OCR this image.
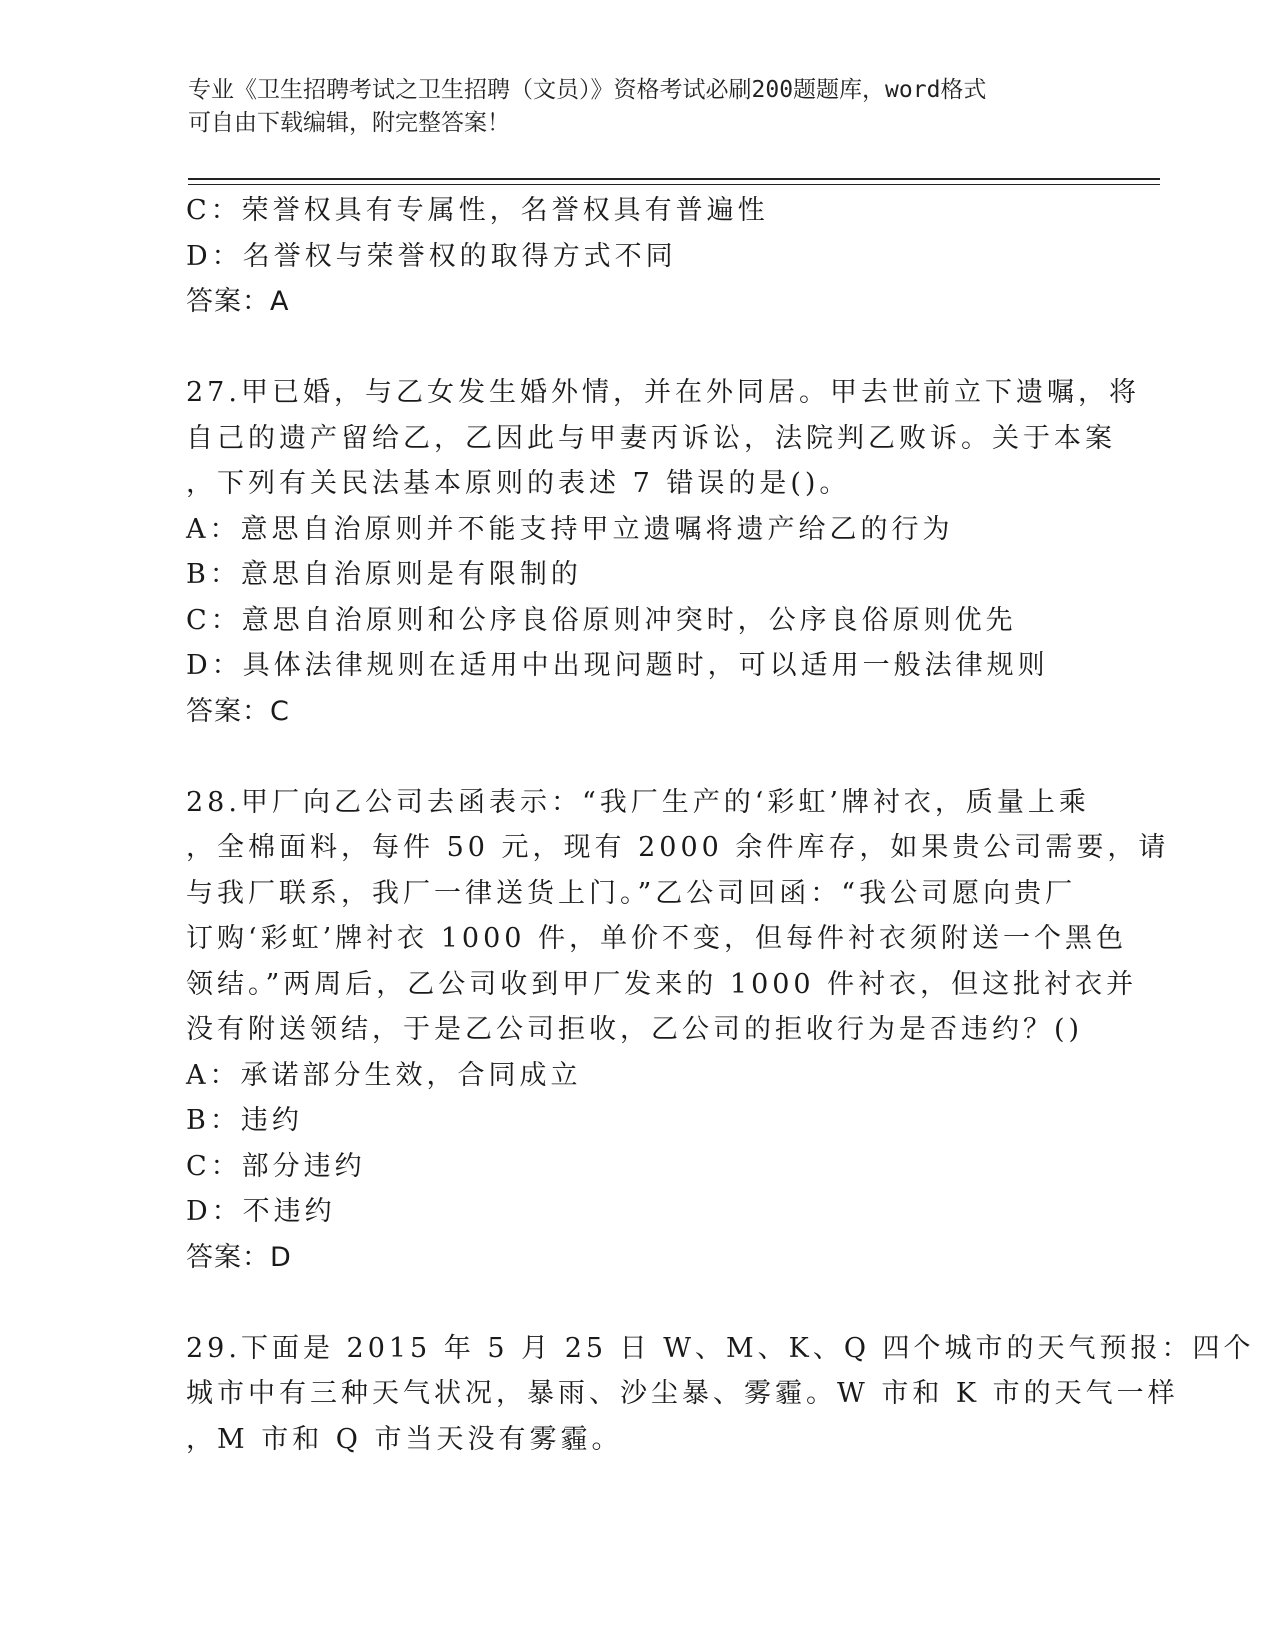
专业《卫生招聘考试之卫生招聘（文员）》资格考试必刷200题题库，word格式
可自由下载编辑，附完整答案！
C：荣誉权具有专属性，名誉权具有普遍性
D：名誉权与荣誉权的取得方式不同
答案：A
27.甲已婚，与乙女发生婚外情，并在外同居。甲去世前立下遗嘱，将
自己的遗产留给乙，乙因此与甲妻丙诉讼，法院判乙败诉。关于本案
，下列有关民法基本原则的表述 7 错误的是()。
A：意思自治原则并不能支持甲立遗嘱将遗产给乙的行为
B：意思自治原则是有限制的
C：意思自治原则和公序良俗原则冲突时，公序良俗原则优先
D：具体法律规则在适用中出现问题时，可以适用一般法律规则
答案：C
28.甲厂向乙公司去函表示：“我厂生产的‘彩虹’牌衬衣，质量上乘
，全棉面料，每件 50 元，现有 2000 余件库存，如果贵公司需要，请
与我厂联系，我厂一律送货上门。”乙公司回函：“我公司愿向贵厂
订购‘彩虹’牌衬衣 1000 件，单价不变，但每件衬衣须附送一个黑色
领结。”两周后，乙公司收到甲厂发来的 1000 件衬衣，但这批衬衣并
没有附送领结，于是乙公司拒收，乙公司的拒收行为是否违约？()
A：承诺部分生效，合同成立
B：违约
C：部分违约
D：不违约
答案：D
29.下面是 2015 年 5 月 25 日 W、M、K、Q 四个城市的天气预报：四个
城市中有三种天气状况，暴雨、沙尘暴、雾霾。W 市和 K 市的天气一样
，M 市和 Q 市当天没有雾霾。
